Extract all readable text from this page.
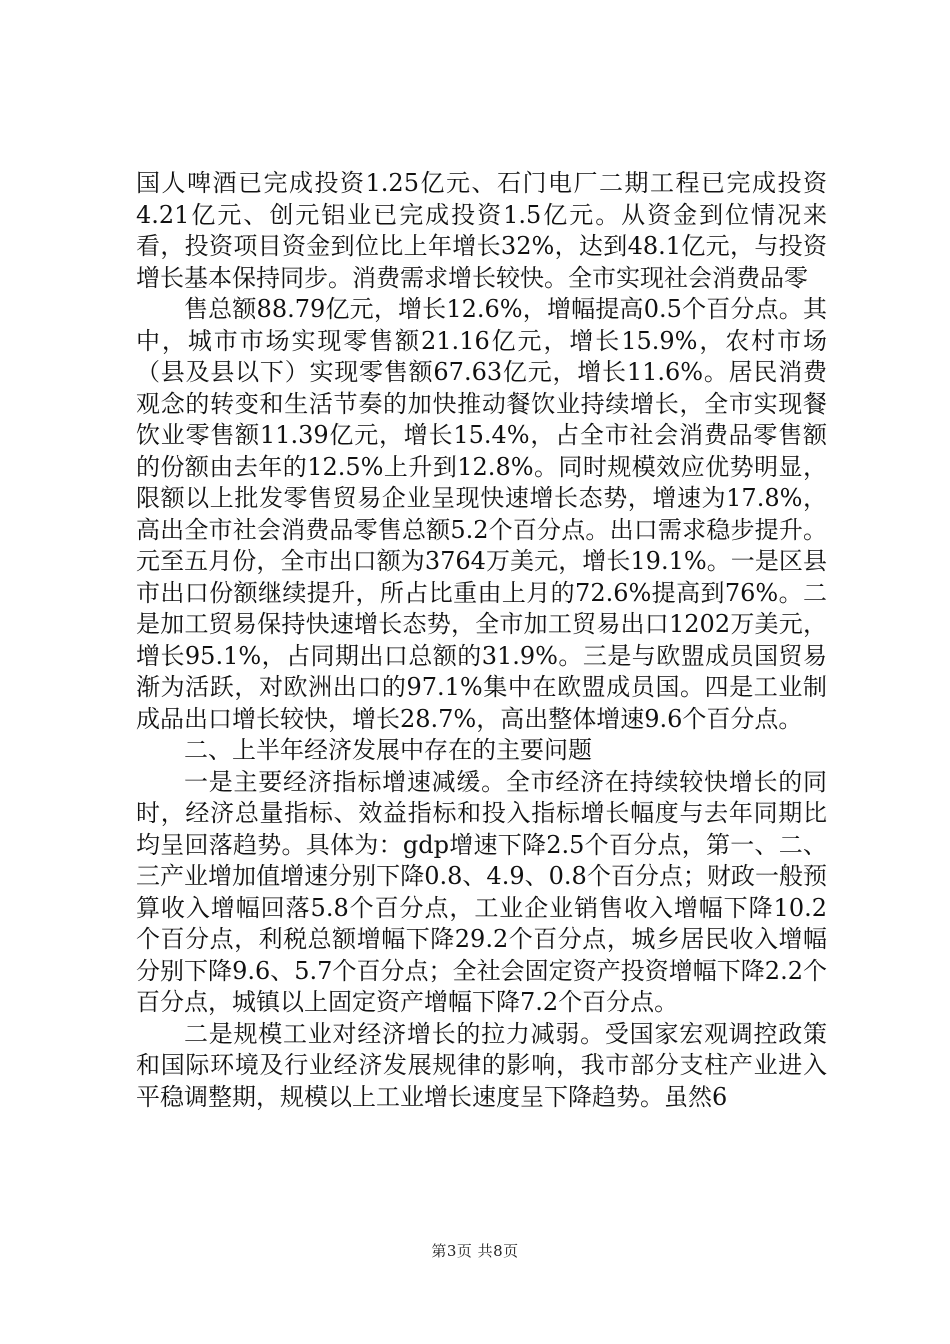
国人啤酒已完成投资1.25亿元、石门电厂二期工程已完成投资4.21亿元、创元铝业已完成投资1.5亿元。从资金到位情况来看，投资项目资金到位比上年增长32%，达到48.1亿元，与投资增长基本保持同步。消费需求增长较快。全市实现社会消费品零

售总额88.79亿元，增长12.6%，增幅提高0.5个百分点。其中，城市市场实现零售额21.16亿元，增长15.9%，农村市场（县及县以下）实现零售额67.63亿元，增长11.6%。居民消费观念的转变和生活节奏的加快推动餐饮业持续增长，全市实现餐饮业零售额11.39亿元，增长15.4%，占全市社会消费品零售额的份额由去年的12.5%上升到12.8%。同时规模效应优势明显，限额以上批发零售贸易企业呈现快速增长态势，增速为17.8%，高出全市社会消费品零售总额5.2个百分点。出口需求稳步提升。元至五月份，全市出口额为3764万美元，增长19.1%。一是区县市出口份额继续提升，所占比重由上月的72.6%提高到76%。二是加工贸易保持快速增长态势，全市加工贸易出口1202万美元，增长95.1%，占同期出口总额的31.9%。三是与欧盟成员国贸易渐为活跃，对欧洲出口的97.1%集中在欧盟成员国。四是工业制成品出口增长较快，增长28.7%，高出整体增速9.6个百分点。

二、上半年经济发展中存在的主要问题

一是主要经济指标增速减缓。全市经济在持续较快增长的同时，经济总量指标、效益指标和投入指标增长幅度与去年同期比均呈回落趋势。具体为：gdp增速下降2.5个百分点，第一、二、三产业增加值增速分别下降0.8、4.9、0.8个百分点；财政一般预算收入增幅回落5.8个百分点，工业企业销售收入增幅下降10.2个百分点，利税总额增幅下降29.2个百分点，城乡居民收入增幅分别下降9.6、5.7个百分点；全社会固定资产投资增幅下降2.2个百分点，城镇以上固定资产增幅下降7.2个百分点。

二是规模工业对经济增长的拉力减弱。受国家宏观调控政策和国际环境及行业经济发展规律的影响，我市部分支柱产业进入平稳调整期，规模以上工业增长速度呈下降趋势。虽然6

第3页 共8页
